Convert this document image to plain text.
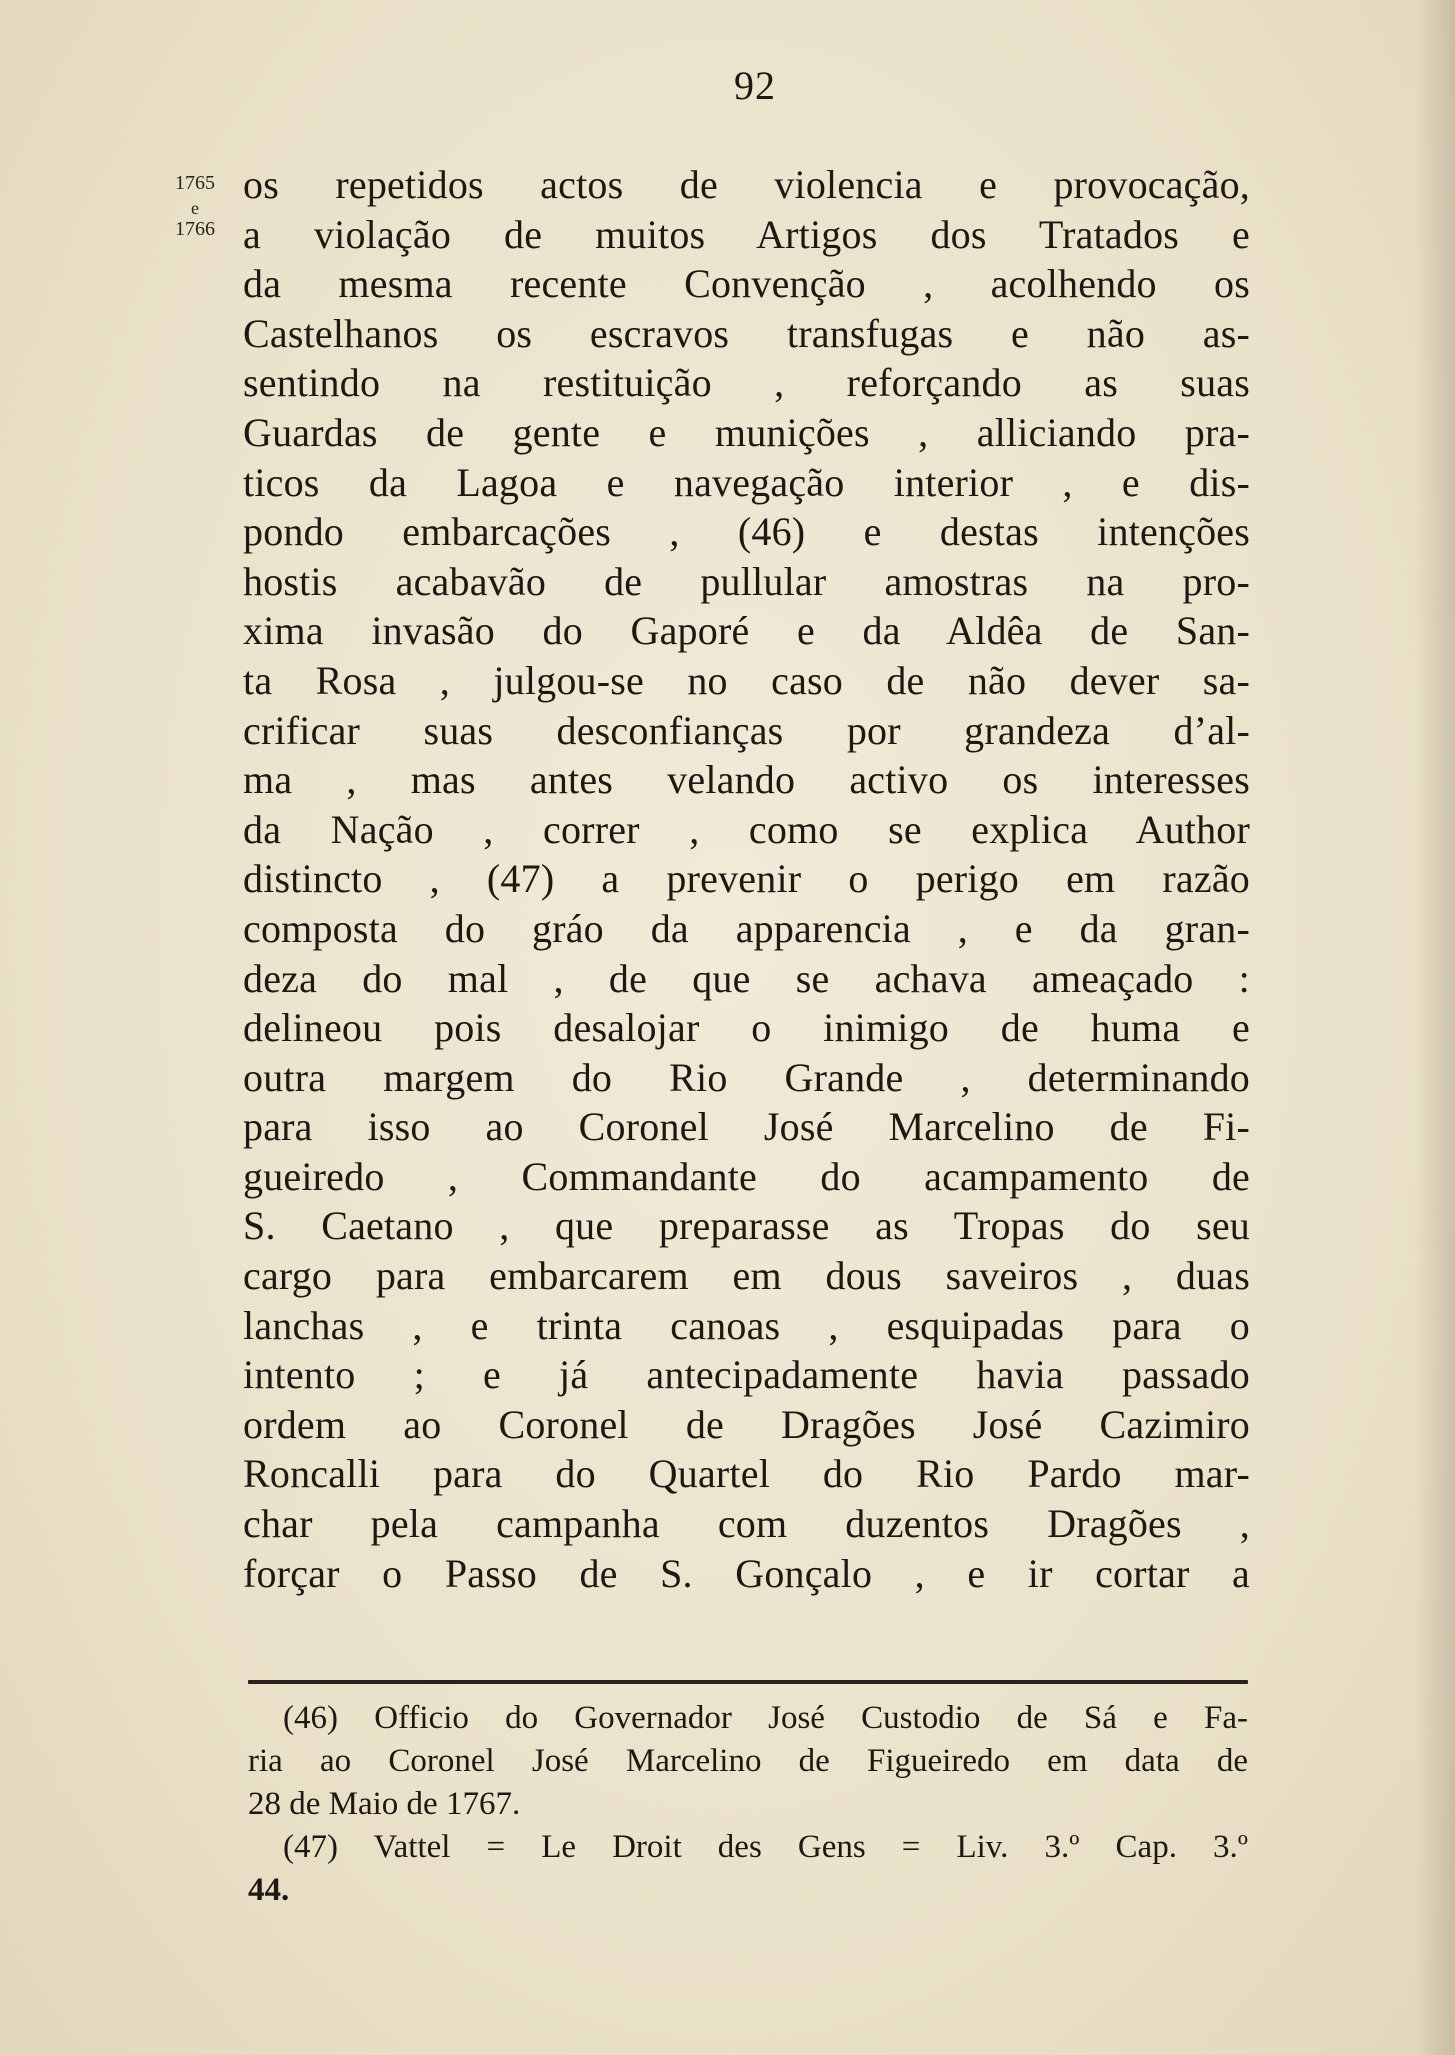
92
1765
e
1766
os repetidos actos de violencia e provocação,
a violação de muitos Artigos dos Tratados e
da mesma recente Convenção , acolhendo os
Castelhanos os escravos transfugas e não as-
sentindo na restituição , reforçando as suas
Guardas de gente e munições , alliciando pra-
ticos da Lagoa e navegação interior , e dis-
pondo embarcações , (46) e destas intenções
hostis acabavão de pullular amostras na pro-
xima invasão do Gaporé e da Aldêa de San-
ta Rosa , julgou-se no caso de não dever sa-
crificar suas desconfianças por grandeza d’al-
ma , mas antes velando activo os interesses
da Nação , correr , como se explica Author
distincto , (47) a prevenir o perigo em razão
composta do gráo da apparencia , e da gran-
deza do mal , de que se achava ameaçado :
delineou pois desalojar o inimigo de huma e
outra margem do Rio Grande , determinando
para isso ao Coronel José Marcelino de Fi-
gueiredo , Commandante do acampamento de
S. Caetano , que preparasse as Tropas do seu
cargo para embarcarem em dous saveiros , duas
lanchas , e trinta canoas , esquipadas para o
intento ; e já antecipadamente havia passado
ordem ao Coronel de Dragões José Cazimiro
Roncalli para do Quartel do Rio Pardo mar-
char pela campanha com duzentos Dragões ,
forçar o Passo de S. Gonçalo , e ir cortar a
(46) Officio do Governador José Custodio de Sá e Fa-
ria ao Coronel José Marcelino de Figueiredo em data de
28 de Maio de 1767.
(47) Vattel = Le Droit des Gens = Liv. 3.º Cap. 3.º
44.
